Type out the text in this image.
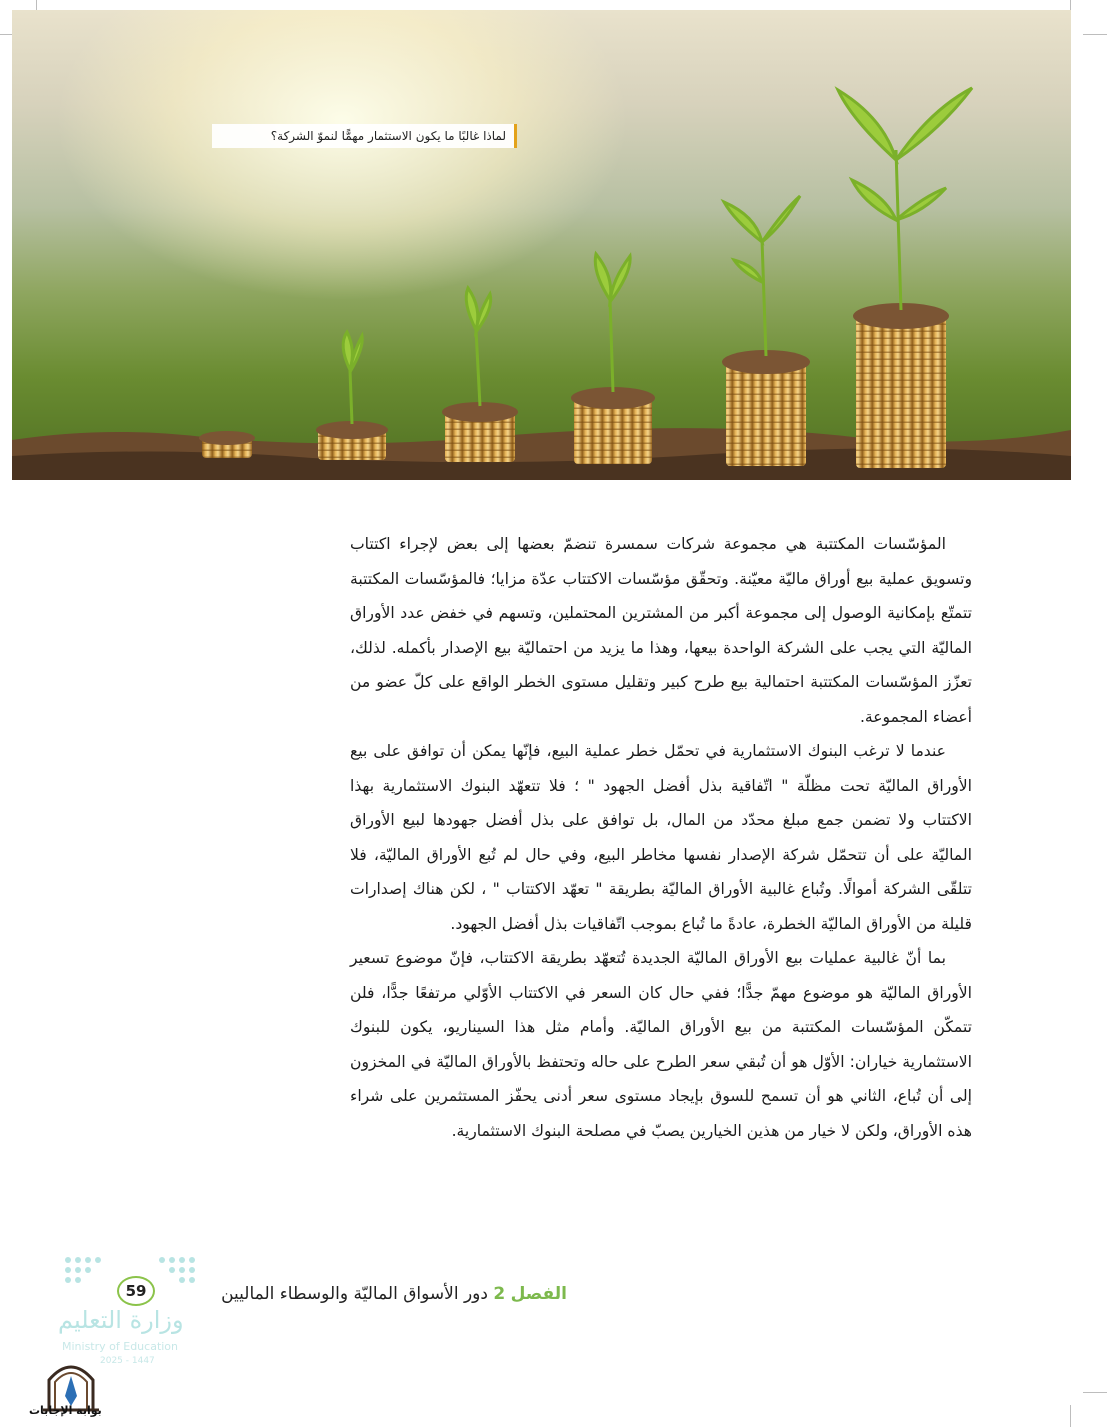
لماذا غالبًا ما يكون الاستثمار مهمًّا لنموّ الشركة؟

المؤسّسات المكتتبة هي مجموعة شركات سمسرة تنضمّ بعضها إلى بعض لإجراء اكتتاب وتسويق عملية بيع أوراق ماليّة معيّنة. وتحقّق مؤسّسات الاكتتاب عدّة مزايا؛ فالمؤسّسات المكتتبة تتمتّع بإمكانية الوصول إلى مجموعة أكبر من المشترين المحتملين، وتسهم في خفض عدد الأوراق الماليّة التي يجب على الشركة الواحدة بيعها، وهذا ما يزيد من احتماليّة بيع الإصدار بأكمله. لذلك، تعزّز المؤسّسات المكتتبة احتمالية بيع طرح كبير وتقليل مستوى الخطر الواقع على كلّ عضو من أعضاء المجموعة.

عندما لا ترغب البنوك الاستثمارية في تحمّل خطر عملية البيع، فإنّها يمكن أن توافق على بيع الأوراق الماليّة تحت مظلّة " اتّفاقية بذل أفضل الجهود " ؛ فلا تتعهّد البنوك الاستثمارية بهذا الاكتتاب ولا تضمن جمع مبلغ محدّد من المال، بل توافق على بذل أفضل جهودها لبيع الأوراق الماليّة على أن تتحمّل شركة الإصدار نفسها مخاطر البيع، وفي حال لم تُبع الأوراق الماليّة، فلا تتلقّى الشركة أموالًا. وتُباع غالبية الأوراق الماليّة بطريقة " تعهّد الاكتتاب " ، لكن هناك إصدارات قليلة من الأوراق الماليّة الخطرة، عادةً ما تُباع بموجب اتّفاقيات بذل أفضل الجهود.

بما أنّ غالبية عمليات بيع الأوراق الماليّة الجديدة تُتعهّد بطريقة الاكتتاب، فإنّ موضوع تسعير الأوراق الماليّة هو موضوع مهمّ جدًّا؛ ففي حال كان السعر في الاكتتاب الأوّلي مرتفعًا جدًّا، فلن تتمكّن المؤسّسات المكتتبة من بيع الأوراق الماليّة. وأمام مثل هذا السيناريو، يكون للبنوك الاستثمارية خياران: الأوّل هو أن تُبقي سعر الطرح على حاله وتحتفظ بالأوراق الماليّة في المخزون إلى أن تُباع، الثاني هو أن تسمح للسوق بإيجاد مستوى سعر أدنى يحفّز المستثمرين على شراء هذه الأوراق، ولكن لا خيار من هذين الخيارين يصبّ في مصلحة البنوك الاستثمارية.

الفصل 2 دور الأسواق الماليّة والوسطاء الماليين
59
وزارة التعليم
Ministry of Education
2025 - 1447
بوابة الإجابات
